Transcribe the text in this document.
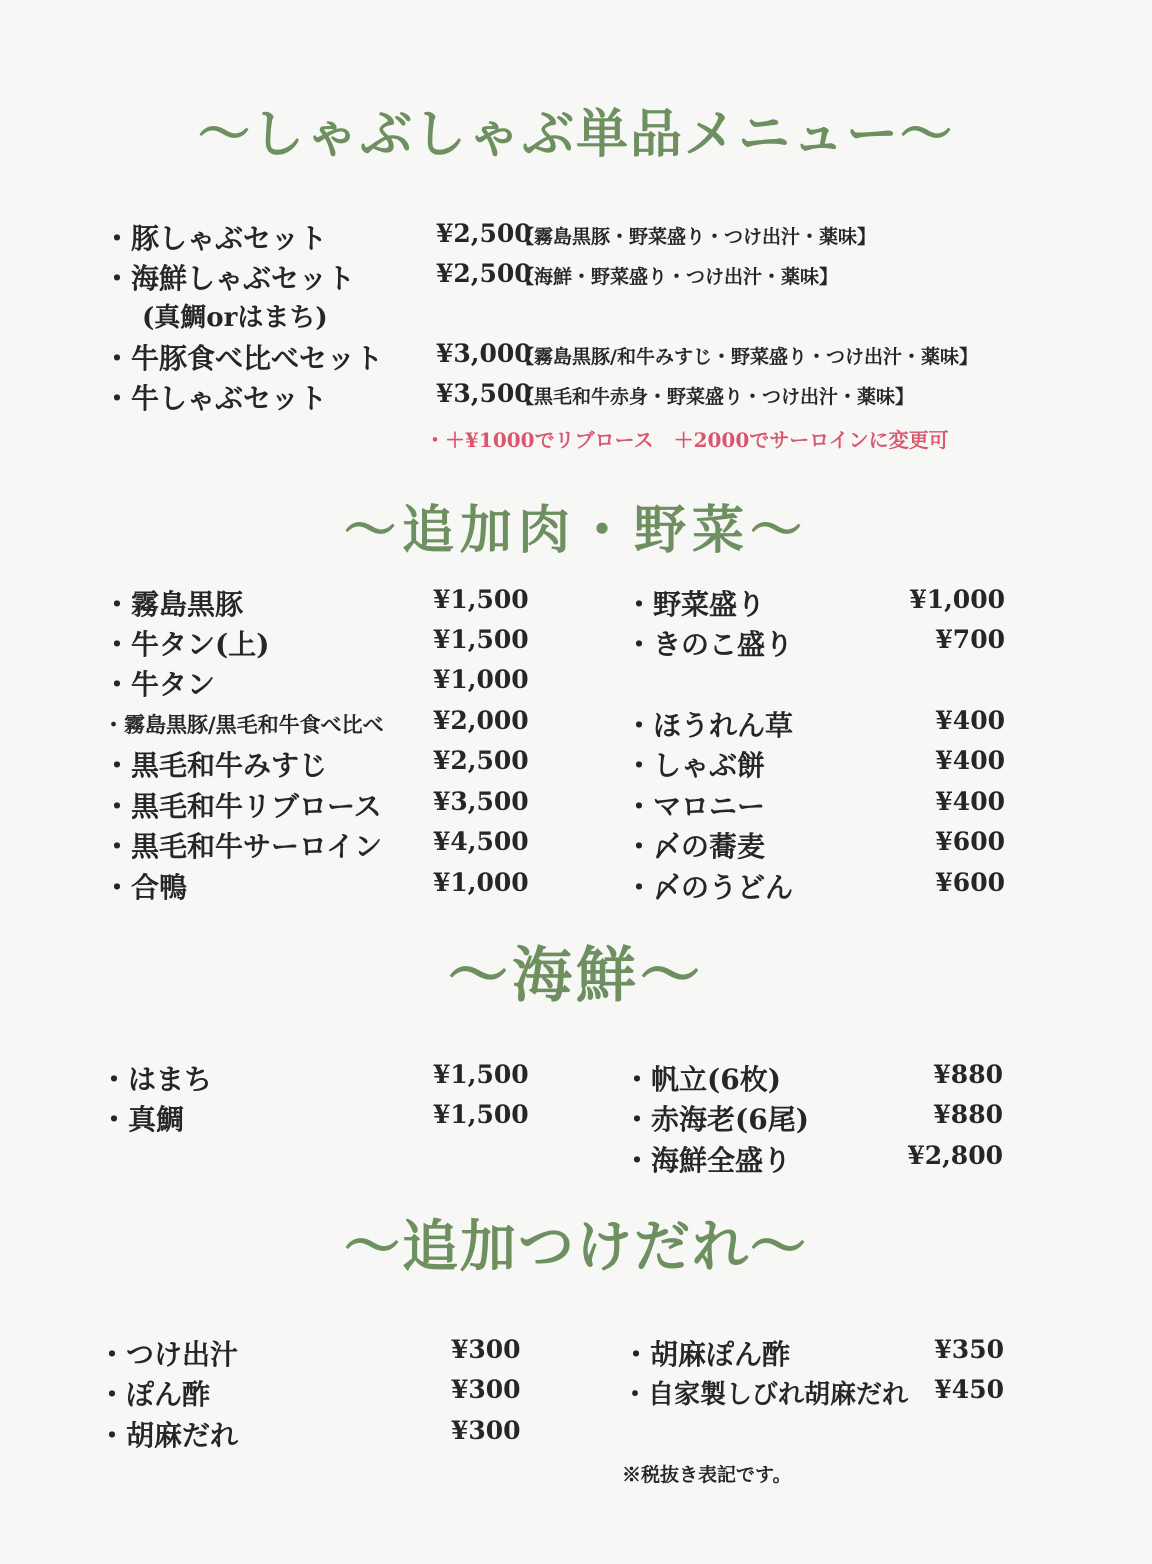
〜しゃぶしゃぶ単品メニュー〜
・豚しゃぶセット	¥2,500
【霧島黒豚・野菜盛り・つけ出汁・薬味】
・海鮮しゃぶセット	¥2,500
【海鮮・野菜盛り・つけ出汁・薬味】
(真鯛orはまち)
・牛豚食べ比べセット ¥3,000
【霧島黒豚/和牛みすじ・野菜盛り・つけ出汁・薬味】
・牛しゃぶセット	¥3,500
【黒毛和牛赤身・野菜盛り・つけ出汁・薬味】
・＋¥1000でリブロース　＋2000でサーロインに変更可
〜追加肉・野菜〜
・霧島黒豚	¥1,500
・牛タン(上)	¥1,500
・牛タン	¥1,000
・霧島黒豚/黒毛和牛食べ比べ ¥2,000
・黒毛和牛みすじ	¥2,500
・黒毛和牛リブロース ¥3,500
・黒毛和牛サーロイン ¥4,500
・合鴨	¥1,000
・野菜盛り	¥1,000
・きのこ盛り	¥700
・ほうれん草	¥400
・しゃぶ餅	¥400
・マロニー	¥400
・〆の蕎麦	¥600
・〆のうどん	¥600
〜海鮮〜
・はまち	¥1,500
・真鯛	¥1,500
・帆立(6枚)	¥880
・赤海老(6尾)	¥880
・海鮮全盛り	¥2,800
〜追加つけだれ〜
・つけ出汁	¥300
・ぽん酢	¥300
・胡麻だれ	¥300
・胡麻ぽん酢	¥350
・自家製しびれ胡麻だれ ¥450
※税抜き表記です。
